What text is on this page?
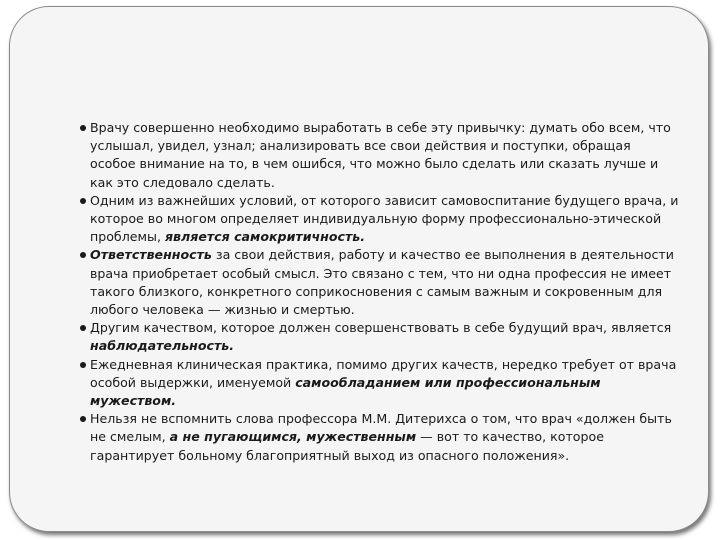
Врачу совершенно необходимо выработать в себе эту привычку: думать обо всем, что услышал, увидел, узнал; анализировать все свои действия и поступки, обращая особое внимание на то, в чем ошибся, что можно было сделать или сказать лучше и как это следовало сделать.
Одним из важнейших условий, от которого зависит самовоспитание будущего врача, и которое во многом определяет индивидуальную форму профессионально-этической проблемы, является самокритичность.
Ответственность за свои действия, работу и качество ее выполнения в деятельности врача приобретает особый смысл. Это связано с тем, что ни одна профессия не имеет такого близкого, конкретного соприкосновения с самым важным и сокровенным для любого человека — жизнью и смертью.
Другим качеством, которое должен совершенствовать в себе будущий врач, является наблюдательность.
Ежедневная клиническая практика, помимо других качеств, нередко требует от врача особой выдержки, именуемой самообладанием или профессиональным мужеством.
Нельзя не вспомнить слова профессора М.М. Дитерихса о том, что врач «должен быть не смелым, а не пугающимся, мужественным — вот то качество, которое гарантирует больному благоприятный выход из опасного положения».
